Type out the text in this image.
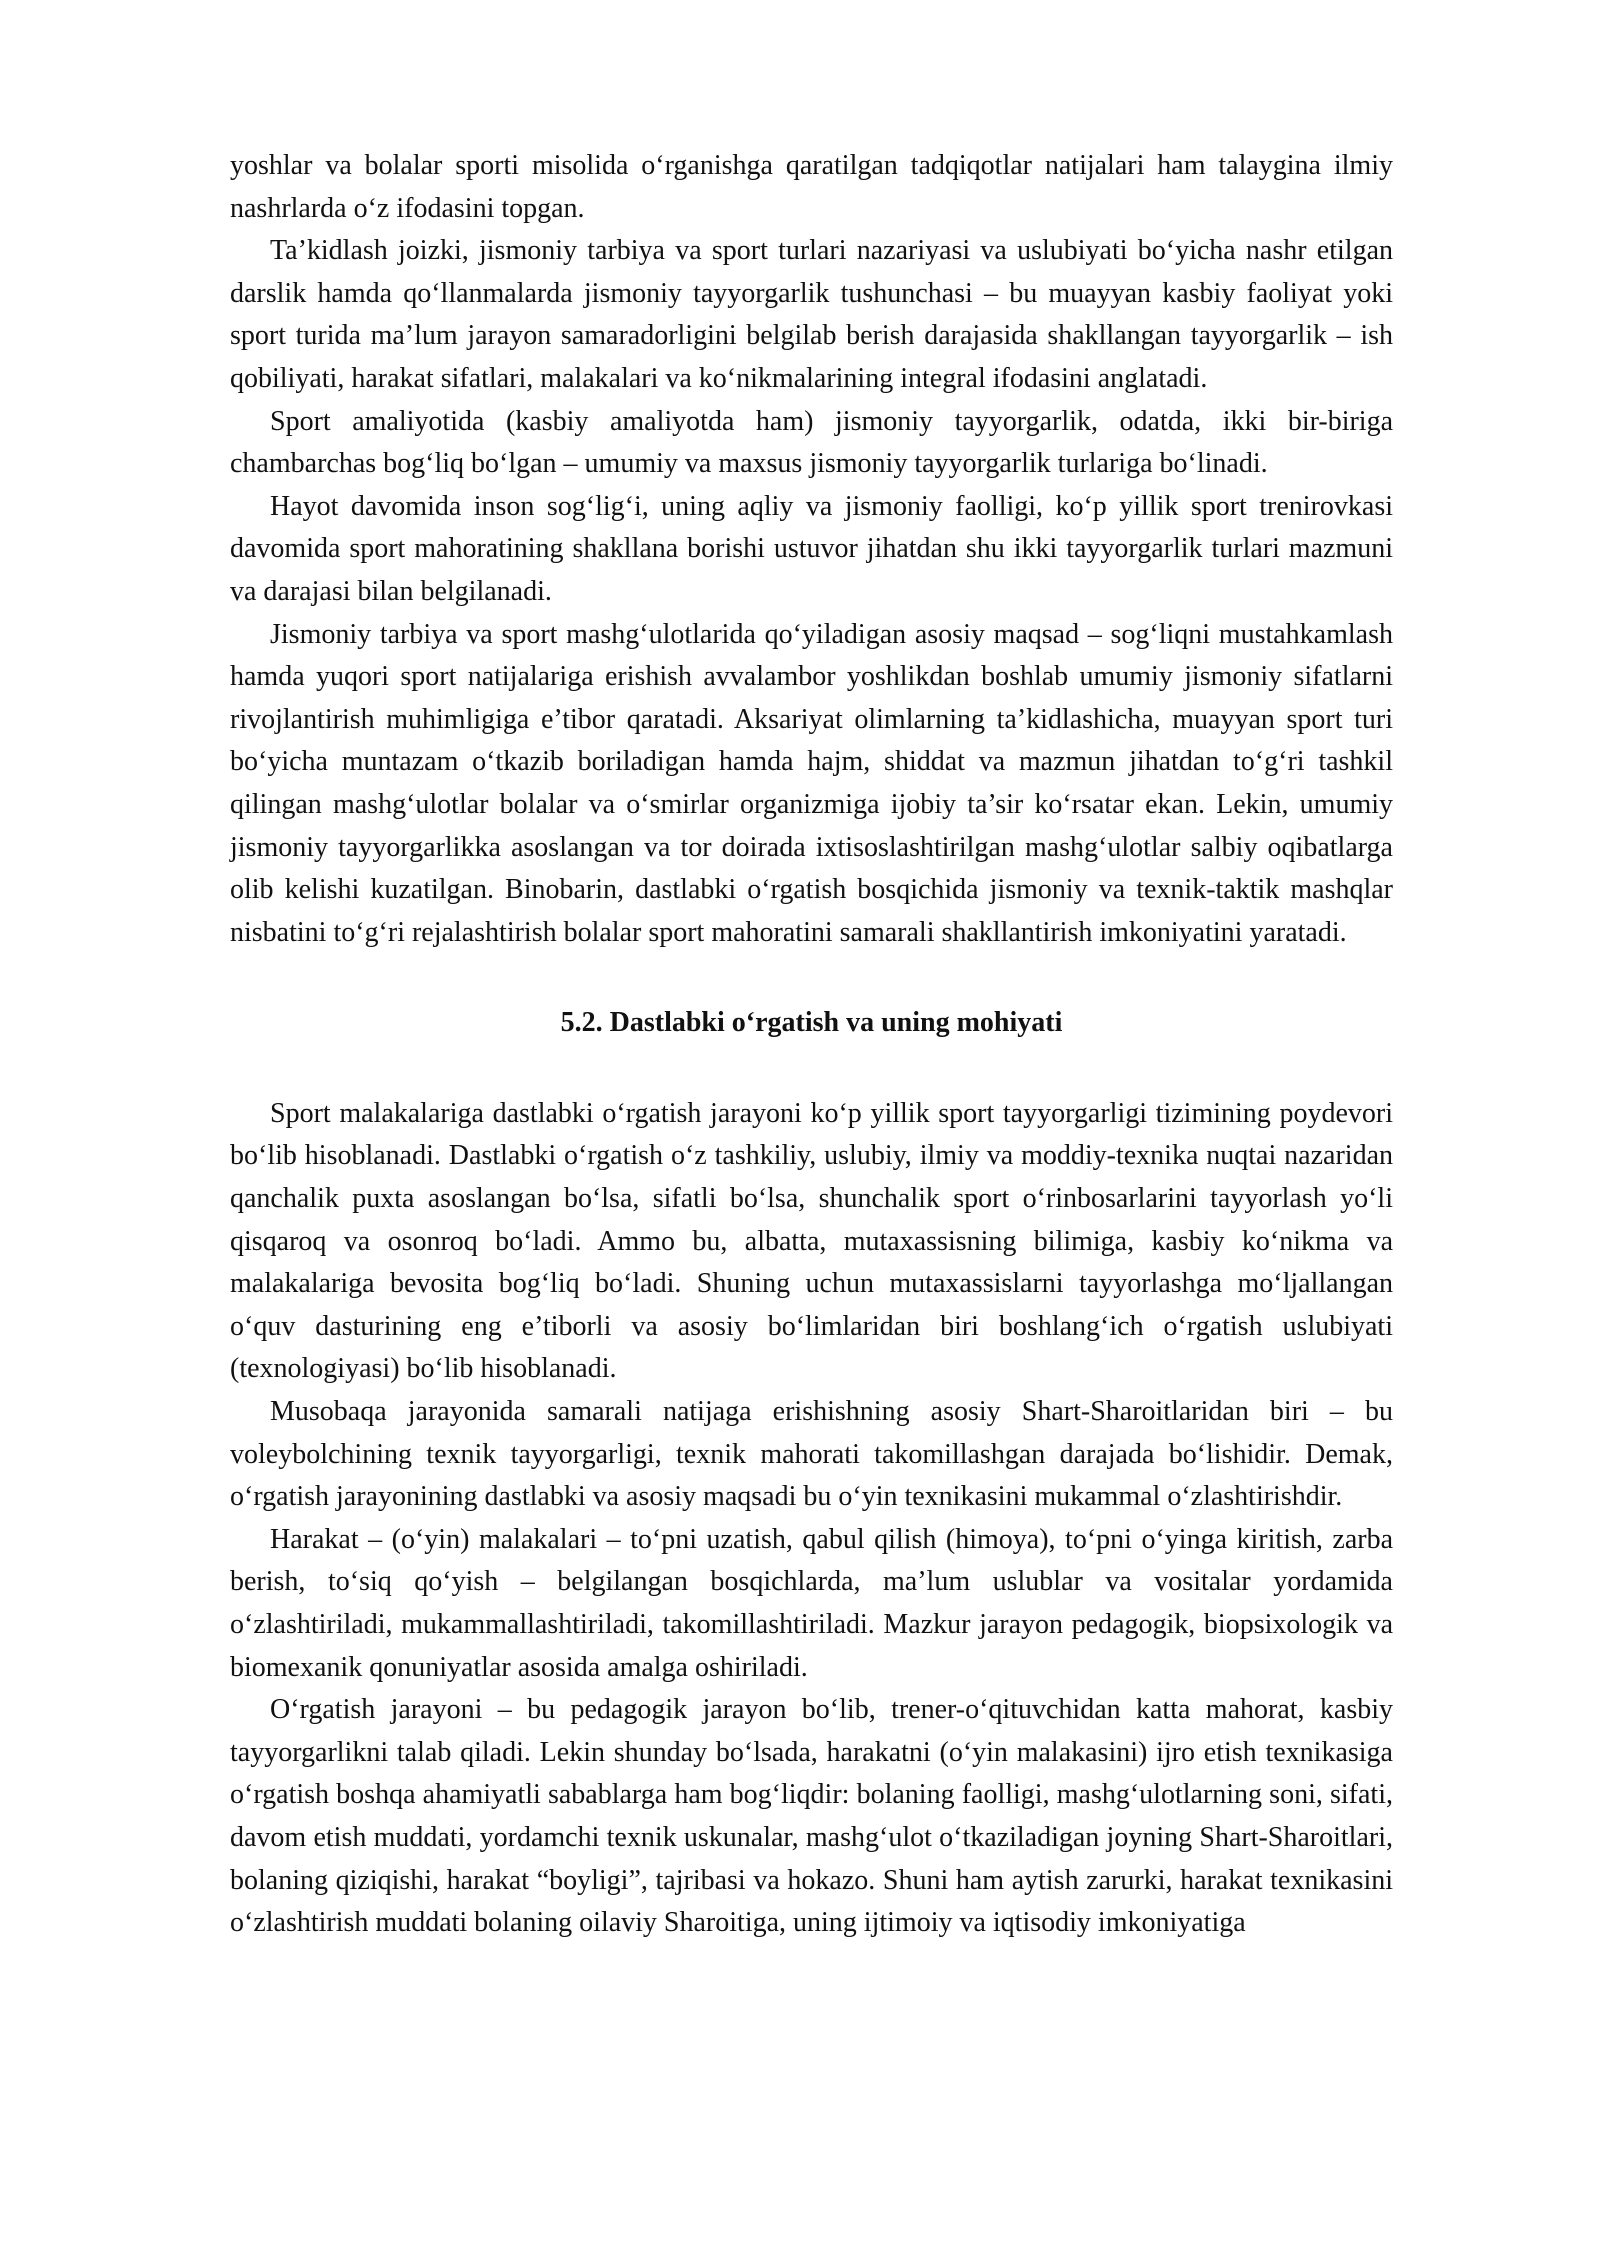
yoshlar va bolalar sporti misolida o‘rganishga qaratilgan tadqiqotlar natijalari ham talaygina ilmiy nashrlarda o‘z ifodasini topgan.

Ta’kidlash joizki, jismoniy tarbiya va sport turlari nazariyasi va uslubiyati bo‘yicha nashr etilgan darslik hamda qo‘llanmalarda jismoniy tayyorgarlik tushunchasi – bu muayyan kasbiy faoliyat yoki sport turida ma’lum jarayon samaradorligini belgilab berish darajasida shakllangan tayyorgarlik – ish qobiliyati, harakat sifatlari, malakalari va ko‘nikmalarining integral ifodasini anglatadi.

Sport amaliyotida (kasbiy amaliyotda ham) jismoniy tayyorgarlik, odatda, ikki bir-biriga chambarchas bog‘liq bo‘lgan – umumiy va maxsus jismoniy tayyorgarlik turlariga bo‘linadi.

Hayot davomida inson sog‘lig‘i, uning aqliy va jismoniy faolligi, ko‘p yillik sport trenirovkasi davomida sport mahoratining shakllana borishi ustuvor jihatdan shu ikki tayyorgarlik turlari mazmuni va darajasi bilan belgilanadi.

Jismoniy tarbiya va sport mashg‘ulotlarida qo‘yiladigan asosiy maqsad – sog‘liqni mustahkamlash hamda yuqori sport natijalariga erishish avvalambor yoshlikdan boshlab umumiy jismoniy sifatlarni rivojlantirish muhimligiga e’tibor qaratadi. Aksariyat olimlarning ta’kidlashicha, muayyan sport turi bo‘yicha muntazam o‘tkazib boriladigan hamda hajm, shiddat va mazmun jihatdan to‘g‘ri tashkil qilingan mashg‘ulotlar bolalar va o‘smirlar organizmiga ijobiy ta’sir ko‘rsatar ekan. Lekin, umumiy jismoniy tayyorgarlikka asoslangan va tor doirada ixtisoslashtirilgan mashg‘ulotlar salbiy oqibatlarga olib kelishi kuzatilgan. Binobarin, dastlabki o‘rgatish bosqichida jismoniy va texnik-taktik mashqlar nisbatini to‘g‘ri rejalashtirish bolalar sport mahoratini samarali shakllantirish imkoniyatini yaratadi.

5.2. Dastlabki o‘rgatish va uning mohiyati

Sport malakalariga dastlabki o‘rgatish jarayoni ko‘p yillik sport tayyorgarligi tizimining poydevori bo‘lib hisoblanadi. Dastlabki o‘rgatish o‘z tashkiliy, uslubiy, ilmiy va moddiy-texnika nuqtai nazaridan qanchalik puxta asoslangan bo‘lsa, sifatli bo‘lsa, shunchalik sport o‘rinbosarlarini tayyorlash yo‘li qisqaroq va osonroq bo‘ladi. Ammo bu, albatta, mutaxassisning bilimiga, kasbiy ko‘nikma va malakalariga bevosita bog‘liq bo‘ladi. Shuning uchun mutaxassislarni tayyorlashga mo‘ljallangan o‘quv dasturining eng e’tiborli va asosiy bo‘limlaridan biri boshlang‘ich o‘rgatish uslubiyati (texnologiyasi) bo‘lib hisoblanadi.

Musobaqa jarayonida samarali natijaga erishishning asosiy Shart-Sharoitlaridan biri – bu voleybolchining texnik tayyorgarligi, texnik mahorati takomillashgan darajada bo‘lishidir. Demak, o‘rgatish jarayonining dastlabki va asosiy maqsadi bu o‘yin texnikasini mukammal o‘zlashtirishdir.

Harakat – (o‘yin) malakalari – to‘pni uzatish, qabul qilish (himoya), to‘pni o‘yinga kiritish, zarba berish, to‘siq qo‘yish – belgilangan bosqichlarda, ma’lum uslublar va vositalar yordamida o‘zlashtiriladi, mukammallashtiriladi, takomillashtiriladi. Mazkur jarayon pedagogik, biopsixologik va biomexanik qonuniyatlar asosida amalga oshiriladi.

O‘rgatish jarayoni – bu pedagogik jarayon bo‘lib, trener-o‘qituvchidan katta mahorat, kasbiy tayyorgarlikni talab qiladi. Lekin shunday bo‘lsada, harakatni (o‘yin malakasini) ijro etish texnikasiga o‘rgatish boshqa ahamiyatli sabablarga ham bog‘liqdir: bolaning faolligi, mashg‘ulotlarning soni, sifati, davom etish muddati, yordamchi texnik uskunalar, mashg‘ulot o‘tkaziladigan joyning Shart-Sharoitlari, bolaning qiziqishi, harakat “boyligi”, tajribasi va hokazo. Shuni ham aytish zarurki, harakat texnikasini o‘zlashtirish muddati bolaning oilaviy Sharoitiga, uning ijtimoiy va iqtisodiy imkoniyatiga
